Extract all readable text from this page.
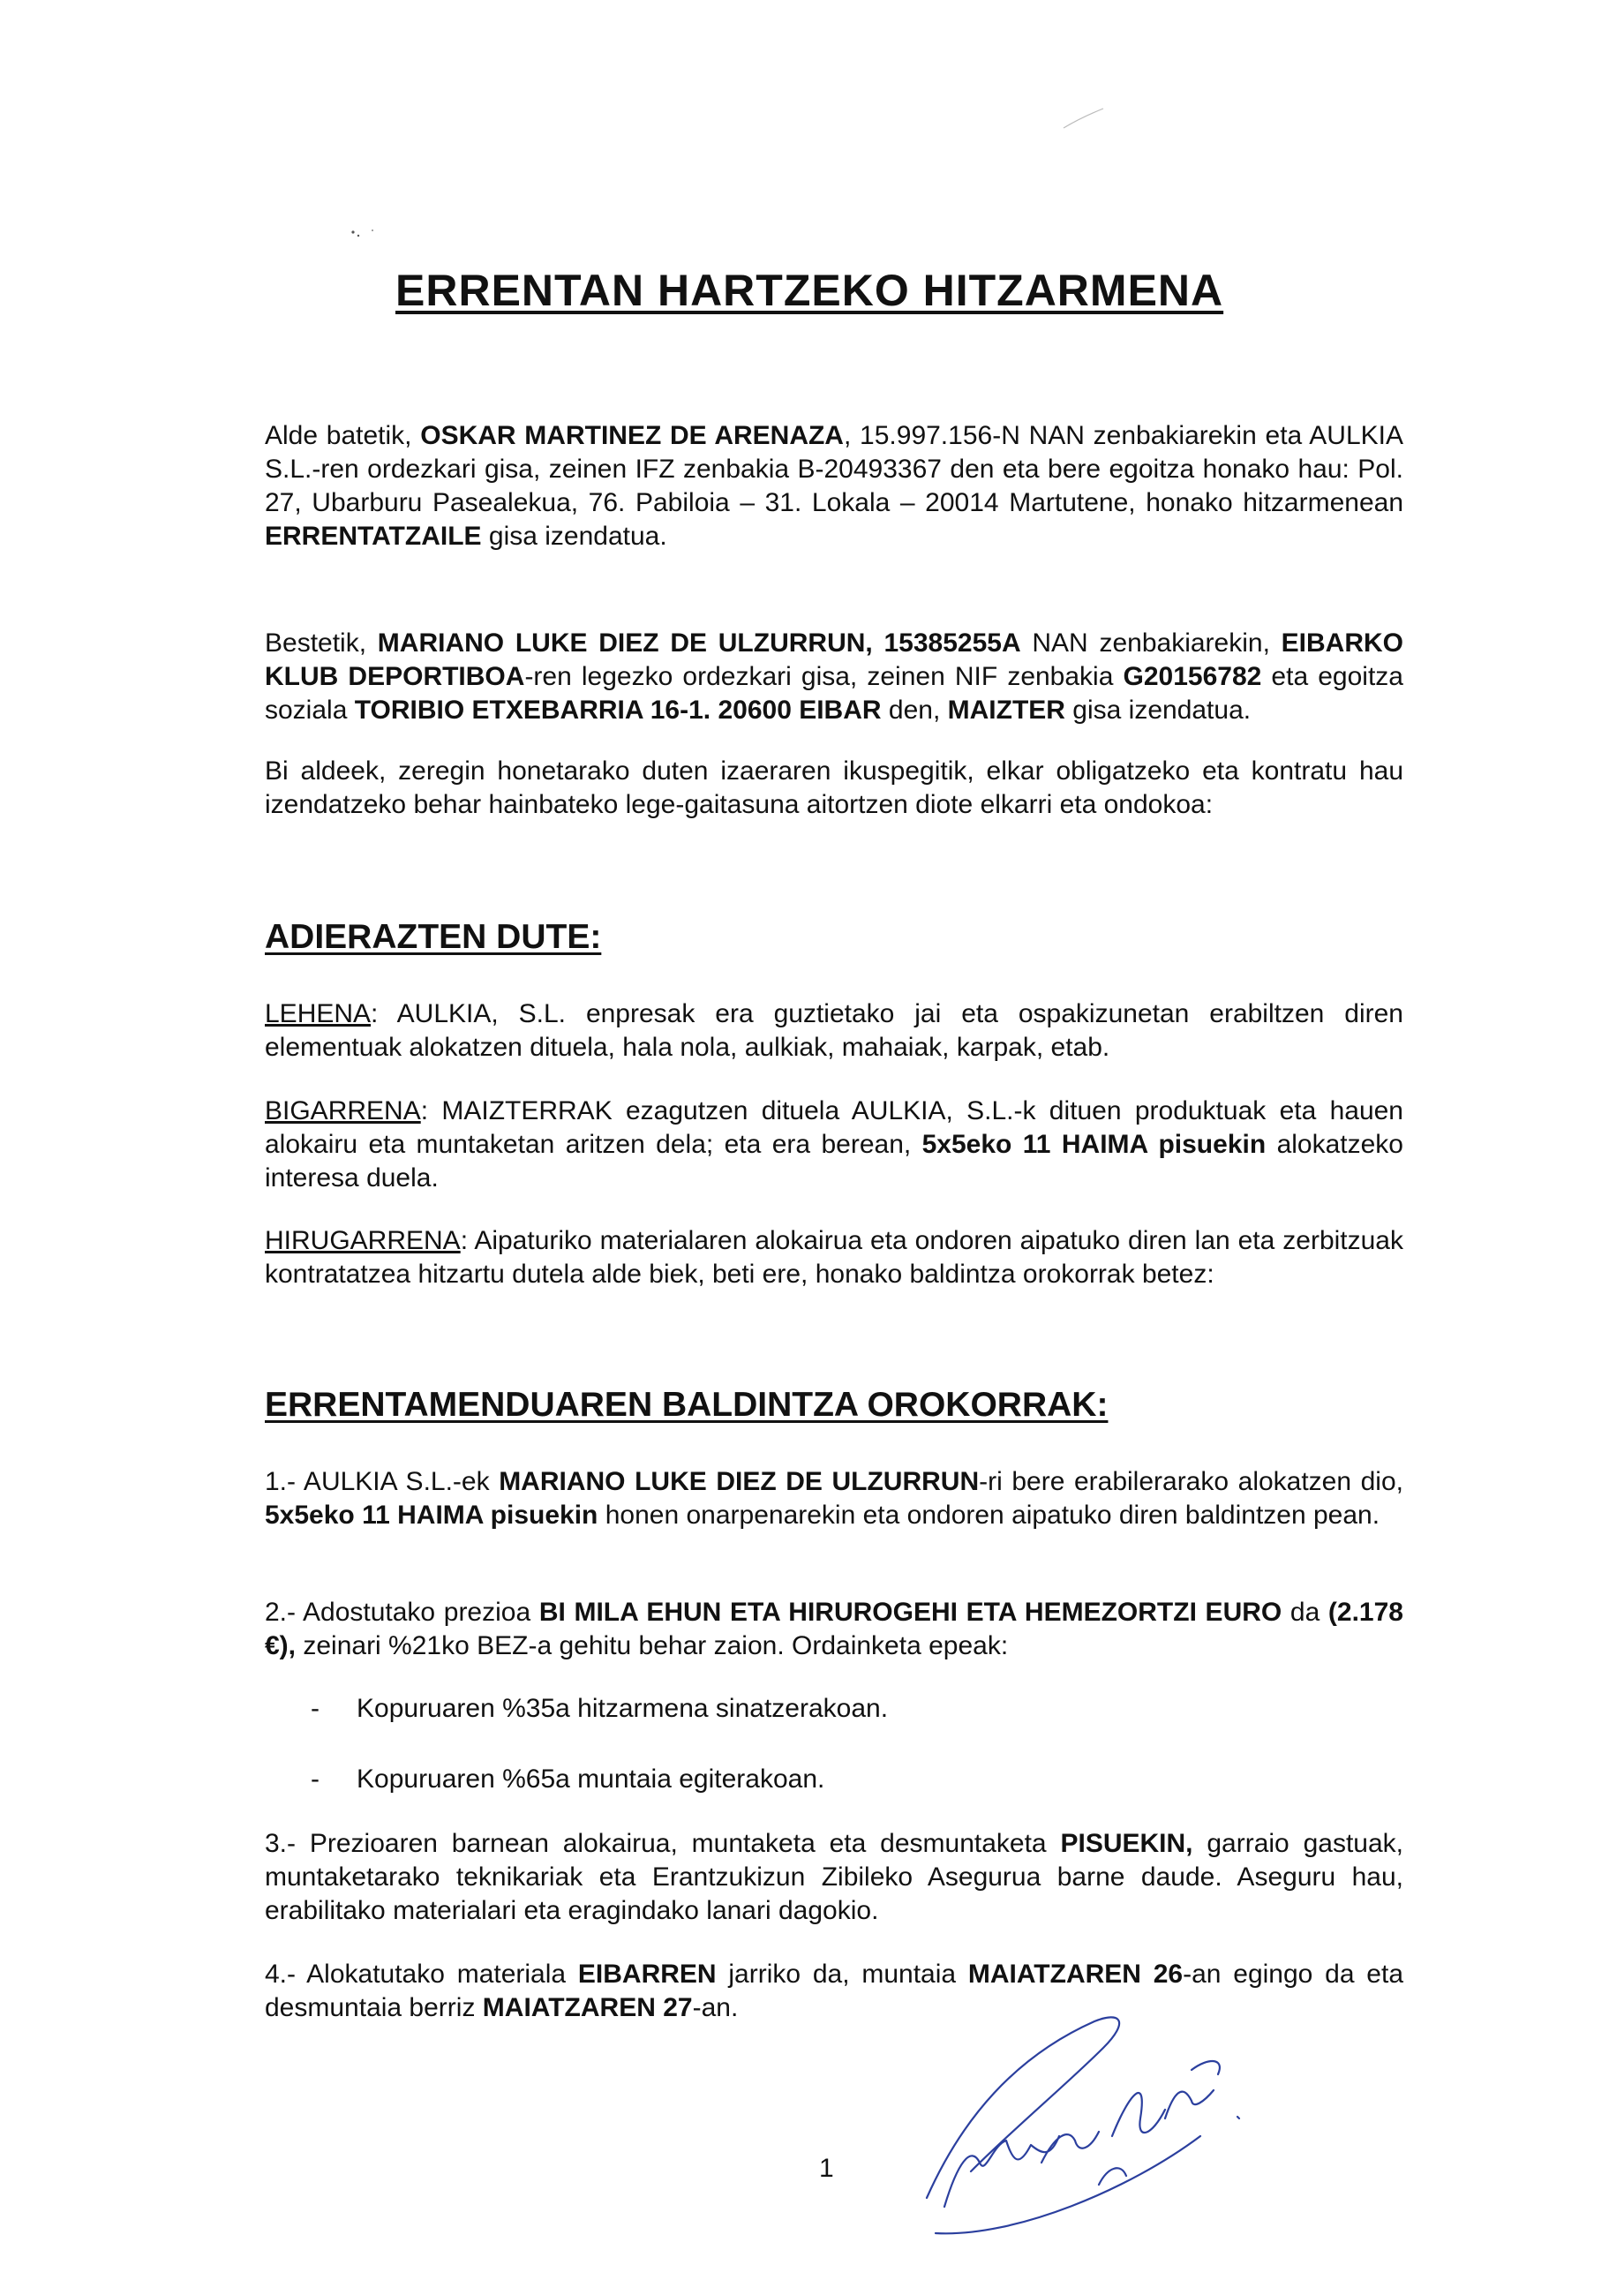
ERRENTAN HARTZEKO HITZARMENA
Alde batetik, OSKAR MARTINEZ DE ARENAZA, 15.997.156-N NAN zenbakiarekin eta AULKIA S.L.-ren ordezkari gisa, zeinen IFZ zenbakia B-20493367 den eta bere egoitza honako hau: Pol. 27, Ubarburu Pasealekua, 76. Pabiloia – 31. Lokala – 20014 Martutene, honako hitzarmenean ERRENTATZAILE gisa izendatua.
Bestetik, MARIANO LUKE DIEZ DE ULZURRUN, 15385255A NAN zenbakiarekin, EIBARKO KLUB DEPORTIBOA-ren legezko ordezkari gisa, zeinen NIF zenbakia G20156782 eta egoitza soziala TORIBIO ETXEBARRIA 16-1. 20600 EIBAR den, MAIZTER gisa izendatua.
Bi aldeek, zeregin honetarako duten izaeraren ikuspegitik, elkar obligatzeko eta kontratu hau izendatzeko behar hainbateko lege-gaitasuna aitortzen diote elkarri eta ondokoa:
ADIERAZTEN DUTE:
LEHENA: AULKIA, S.L. enpresak era guztietako jai eta ospakizunetan erabiltzen diren elementuak alokatzen dituela, hala nola, aulkiak, mahaiak, karpak, etab.
BIGARRENA: MAIZTERRAK ezagutzen dituela AULKIA, S.L.-k dituen produktuak eta hauen alokairu eta muntaketan aritzen dela; eta era berean, 5x5eko 11 HAIMA pisuekin alokatzeko interesa duela.
HIRUGARRENA: Aipaturiko materialaren alokairua eta ondoren aipatuko diren lan eta zerbitzuak kontratatzea hitzartu dutela alde biek, beti ere, honako baldintza orokorrak betez:
ERRENTAMENDUAREN BALDINTZA OROKORRAK:
1.- AULKIA S.L.-ek MARIANO LUKE DIEZ DE ULZURRUN-ri bere erabilerarako alokatzen dio, 5x5eko 11 HAIMA pisuekin honen onarpenarekin eta ondoren aipatuko diren baldintzen pean.
2.- Adostutako prezioa BI MILA EHUN ETA HIRUROGEHI ETA HEMEZORTZI EURO da (2.178 €), zeinari %21ko BEZ-a gehitu behar zaion. Ordainketa epeak:
- Kopuruaren %35a hitzarmena sinatzerakoan.
- Kopuruaren %65a muntaia egiterakoan.
3.- Prezioaren barnean alokairua, muntaketa eta desmuntaketa PISUEKIN, garraio gastuak, muntaketarako teknikariak eta Erantzukizun Zibileko Asegurua barne daude. Aseguru hau, erabilitako materialari eta eragindako lanari dagokio.
4.- Alokatutako materiala EIBARREN jarriko da, muntaia MAIATZAREN 26-an egingo da eta desmuntaia berriz MAIATZAREN 27-an.
1
